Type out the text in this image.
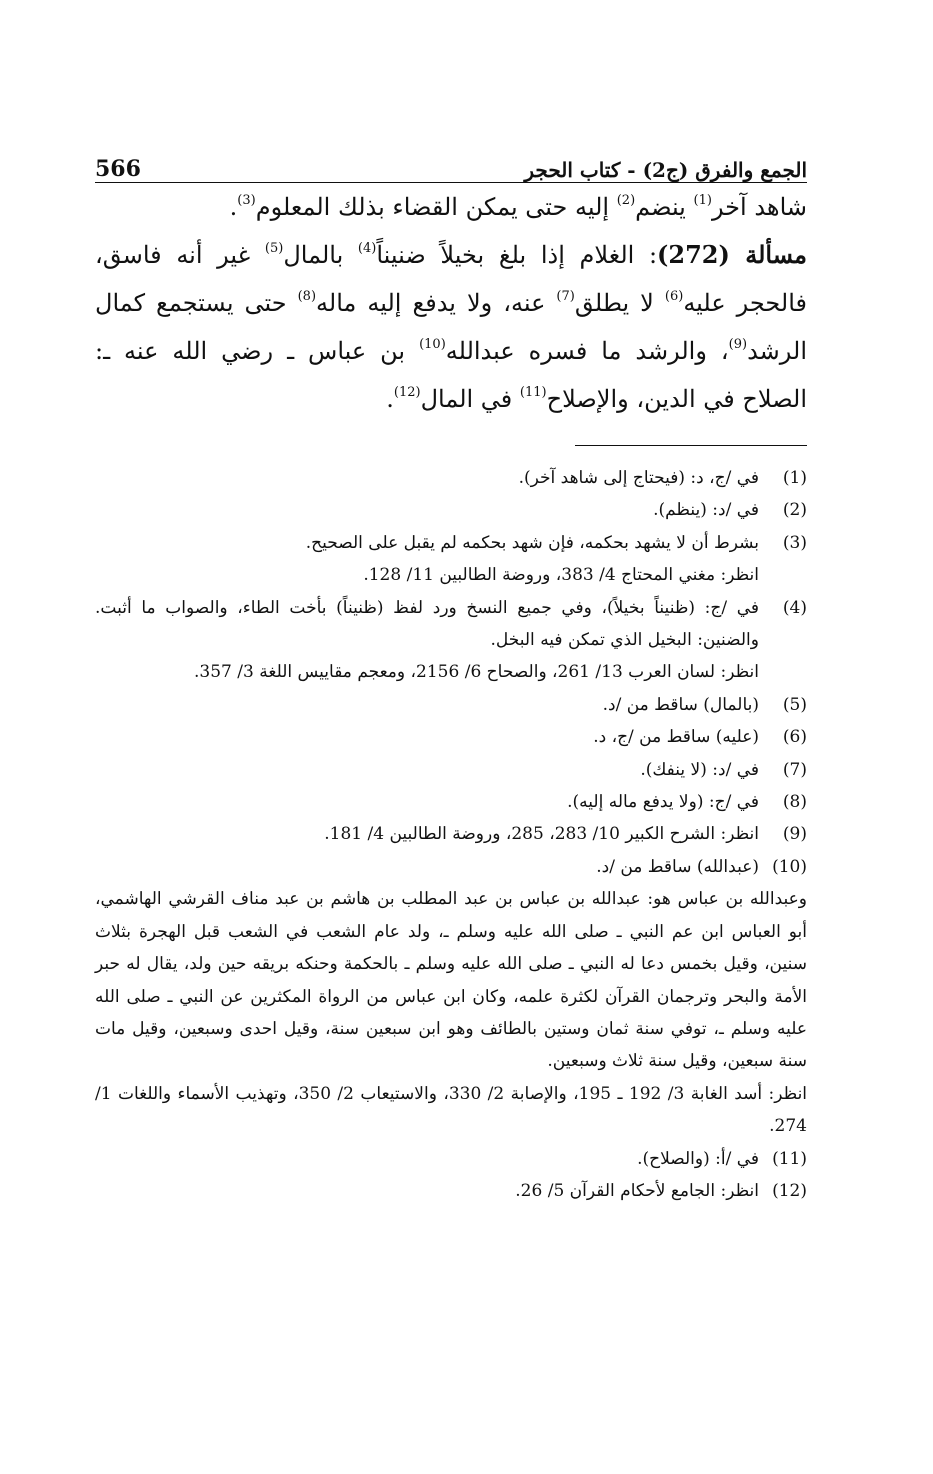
الجمع والفرق (ج2) - كتاب الحجر
566

شاهد آخر$^{(1)}$ ينضم$^{(2)}$ إليه حتى يمكن القضاء بذلك المعلوم$^{(3)}$.

مسألة (272): الغلام إذا بلغ بخيلاً ضنيناً$^{(4)}$ بالمال$^{(5)}$ غير أنه فاسق، فالحجر عليه$^{(6)}$ لا يطلق$^{(7)}$ عنه، ولا يدفع إليه ماله$^{(8)}$ حتى يستجمع كمال الرشد$^{(9)}$، والرشد ما فسره عبدالله$^{(10)}$ بن عباس ـ رضي الله عنه ـ: الصلاح في الدين، والإصلاح$^{(11)}$ في المال$^{(12)}$.

(1)
في /ج، د: (فيحتاج إلى شاهد آخر).
(2)
في /د: (ينظم).
(3)
بشرط أن لا يشهد بحكمه، فإن شهد بحكمه لم يقبل على الصحيح.
انظر: مغني المحتاج 4/ 383، وروضة الطالبين 11/ 128.
(4)
في /ج: (ظنيناً بخيلاً)، وفي جميع النسخ ورد لفظ (ظنيناً) بأخت الطاء، والصواب ما أثبت. والضنين: البخيل الذي تمكن فيه البخل.
انظر: لسان العرب 13/ 261، والصحاح 6/ 2156، ومعجم مقاييس اللغة 3/ 357.
(5)
(بالمال) ساقط من /د.
(6)
(عليه) ساقط من /ج، د.
(7)
في /د: (لا ينفك).
(8)
في /ج: (ولا يدفع ماله إليه).
(9)
انظر: الشرح الكبير 10/ 283، 285، وروضة الطالبين 4/ 181.
(10)
(عبدالله) ساقط من /د.
وعبدالله بن عباس هو: عبدالله بن عباس بن عبد المطلب بن هاشم بن عبد مناف القرشي الهاشمي، أبو العباس ابن عم النبي ـ صلى الله عليه وسلم ـ، ولد عام الشعب في الشعب قبل الهجرة بثلاث سنين، وقيل بخمس دعا له النبي ـ صلى الله عليه وسلم ـ بالحكمة وحنكه بريقه حين ولد، يقال له حبر الأمة والبحر وترجمان القرآن لكثرة علمه، وكان ابن عباس من الرواة المكثرين عن النبي ـ صلى الله عليه وسلم ـ، توفي سنة ثمان وستين بالطائف وهو ابن سبعين سنة، وقيل احدى وسبعين، وقيل مات سنة سبعين، وقيل سنة ثلاث وسبعين.
انظر: أسد الغابة 3/ 192 ـ 195، والإصابة 2/ 330، والاستيعاب 2/ 350، وتهذيب الأسماء واللغات 1/ 274.
(11)
في /أ: (والصلاح).
(12)
انظر: الجامع لأحكام القرآن 5/ 26.
